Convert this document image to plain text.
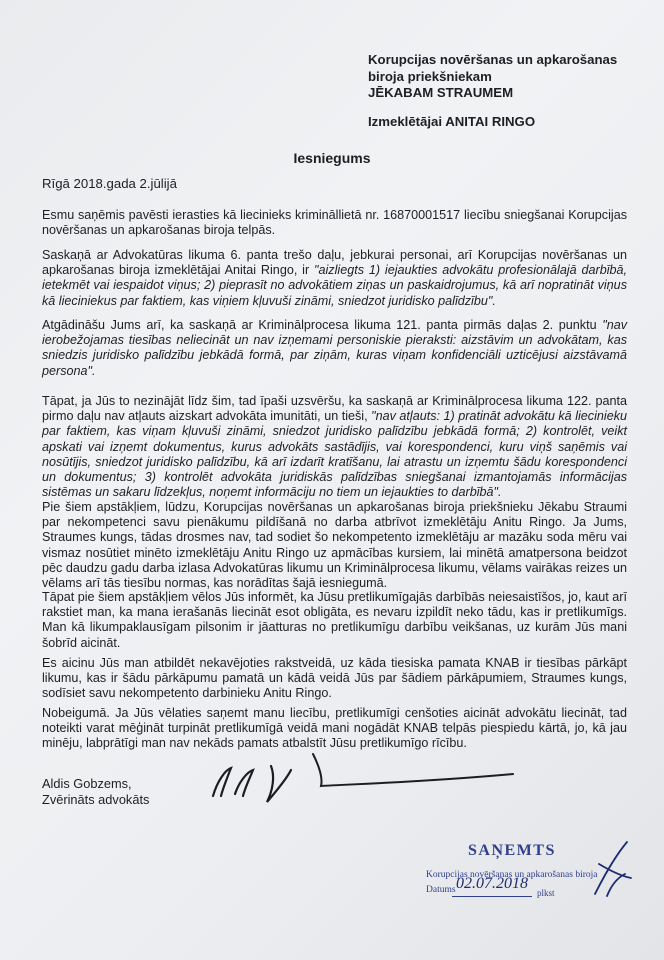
Korupcijas novēršanas un apkarošanas
biroja priekšniekam
JĒKABAM STRAUMEM
Izmeklētājai ANITAI RINGO
Iesniegums
Rīgā 2018.gada 2.jūlijā

Esmu saņēmis pavēsti ierasties kā liecinieks krimināllietā nr. 16870001517 liecību sniegšanai Korupcijas novēršanas un apkarošanas biroja telpās.

Saskaņā ar Advokatūras likuma 6. panta trešo daļu, jebkurai personai, arī Korupcijas novēršanas un apkarošanas biroja izmeklētājai Anitai Ringo, ir "aizliegts 1) iejaukties advokātu profesionālajā darbībā, ietekmēt vai iespaidot viņus; 2) pieprasīt no advokātiem ziņas un paskaidrojumus, kā arī nopratināt viņus kā lieciniekus par faktiem, kas viņiem kļuvuši zināmi, sniedzot juridisko palīdzību".

Atgādināšu Jums arī, ka saskaņā ar Kriminālprocesa likuma 121. panta pirmās daļas 2. punktu "nav ierobežojamas tiesības neliecināt un nav izņemami personiskie pieraksti: aizstāvim un advokātam, kas sniedzis juridisko palīdzību jebkādā formā, par ziņām, kuras viņam konfidenciāli uzticējusi aizstāvamā persona".

Tāpat, ja Jūs to nezinājāt līdz šim, tad īpaši uzsvēršu, ka saskaņā ar Kriminālprocesa likuma 122. panta pirmo daļu nav atļauts aizskart advokāta imunitāti, un tieši, "nav atļauts: 1) pratināt advokātu kā liecinieku par faktiem, kas viņam kļuvuši zināmi, sniedzot juridisko palīdzību jebkādā formā; 2) kontrolēt, veikt apskati vai izņemt dokumentus, kurus advokāts sastādījis, vai korespondenci, kuru viņš saņēmis vai nosūtījis, sniedzot juridisko palīdzību, kā arī izdarīt kratīšanu, lai atrastu un izņemtu šādu korespondenci un dokumentus; 3) kontrolēt advokāta juridiskās palīdzības sniegšanai izmantojamās informācijas sistēmas un sakaru līdzekļus, noņemt informāciju no tiem un iejaukties to darbībā".

Pie šiem apstākļiem, lūdzu, Korupcijas novēršanas un apkarošanas biroja priekšnieku Jēkabu Straumi par nekompetenci savu pienākumu pildīšanā no darba atbrīvot izmeklētāju Anitu Ringo. Ja Jums, Straumes kungs, tādas drosmes nav, tad sodiet šo nekompetento izmeklētāju ar mazāku soda mēru vai vismaz nosūtiet minēto izmeklētāju Anitu Ringo uz apmācības kursiem, lai minētā amatpersona beidzot pēc daudzu gadu darba izlasa Advokatūras likumu un Kriminālprocesa likumu, vēlams vairākas reizes un vēlams arī tās tiesību normas, kas norādītas šajā iesniegumā.

Tāpat pie šiem apstākļiem vēlos Jūs informēt, ka Jūsu pretlikumīgajās darbībās neiesaistīšos, jo, kaut arī rakstiet man, ka mana ierašanās liecināt esot obligāta, es nevaru izpildīt neko tādu, kas ir pretlikumīgs. Man kā likumpaklausīgam pilsonim ir jāatturas no pretlikumīgu darbību veikšanas, uz kurām Jūs mani šobrīd aicināt.

Es aicinu Jūs man atbildēt nekavējoties rakstveidā, uz kāda tiesiska pamata KNAB ir tiesības pārkāpt likumu, kas ir šādu pārkāpumu pamatā un kādā veidā Jūs par šādiem pārkāpumiem, Straumes kungs, sodīsiet savu nekompetento darbinieku Anitu Ringo.

Nobeigumā. Ja Jūs vēlaties saņemt manu liecību, pretlikumīgi cenšoties aicināt advokātu liecināt, tad noteikti varat mēģināt turpināt pretlikumīgā veidā mani nogādāt KNAB telpās piespiedu kārtā, jo, kā jau minēju, labprātīgi man nav nekāds pamats atbalstīt Jūsu pretlikumīgo rīcību.

Aldis Gobzems,
Zvērināts advokāts
SAŅEMTS
Korupcijas novēršanas un apkarošanas biroja
Datums 02.07.2018
plkst
